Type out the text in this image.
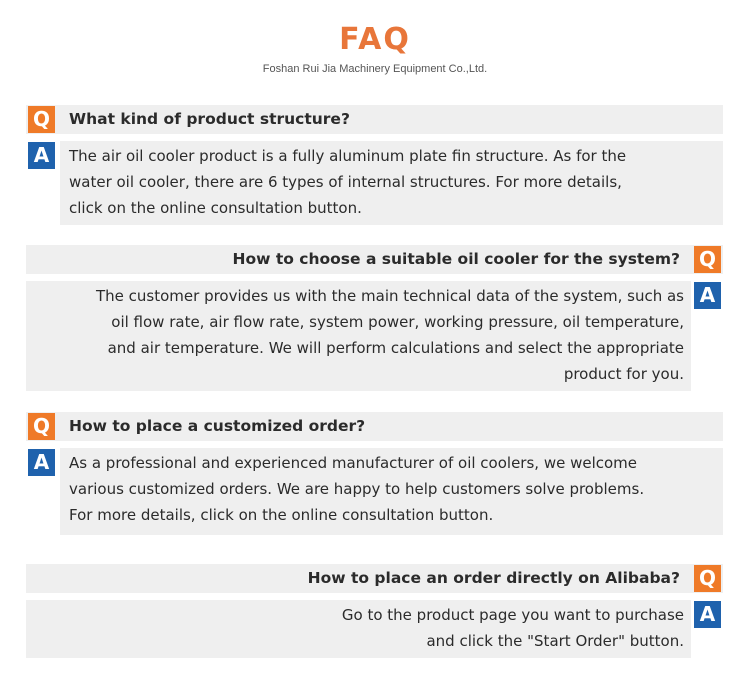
FAQ
Foshan Rui Jia Machinery Equipment Co.,Ltd.
Q	What kind of product structure?
A	The air oil cooler product is a fully aluminum plate fin structure. As for the
water oil cooler, there are 6 types of internal structures. For more details,
click on the online consultation button.
Q
How to choose a suitable oil cooler for the system?
A
The customer provides us with the main technical data of the system, such as
oil flow rate, air flow rate, system power, working pressure, oil temperature,
and air temperature. We will perform calculations and select the appropriate
product for you.
Q	How to place a customized order?
A	As a professional and experienced manufacturer of oil coolers, we welcome
various customized orders. We are happy to help customers solve problems.
For more details, click on the online consultation button.
Q
How to place an order directly on Alibaba?
A
Go to the product page you want to purchase
and click the "Start Order" button.
